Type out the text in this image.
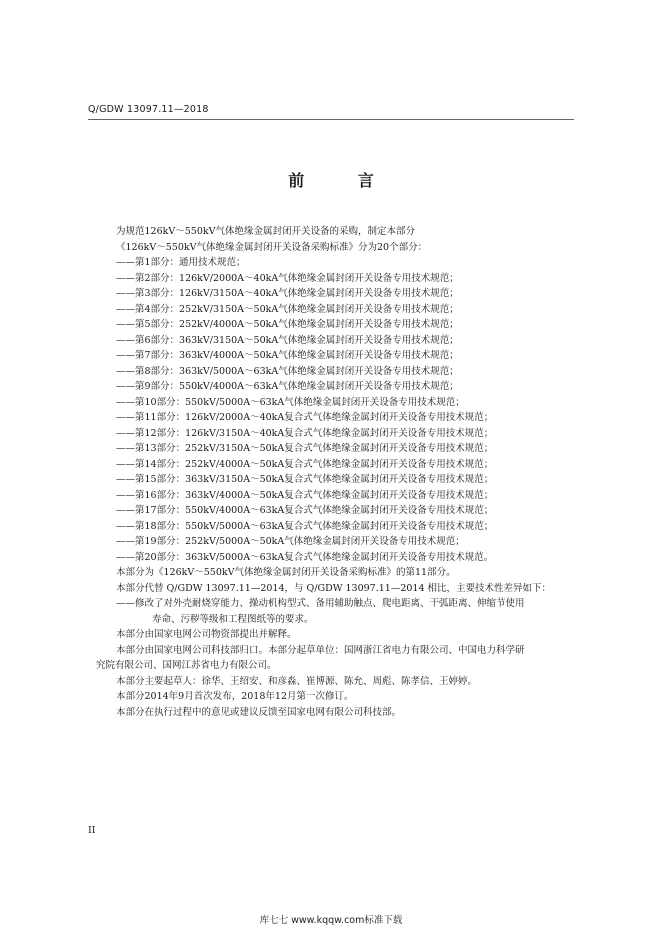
Q/GDW 13097.11—2018
前 言
为规范126kV～550kV气体绝缘金属封闭开关设备的采购，制定本部分
《126kV～550kV气体绝缘金属封闭开关设备采购标准》分为20个部分：
——第1部分：通用技术规范；
——第2部分：126kV/2000A～40kA气体绝缘金属封闭开关设备专用技术规范；
——第3部分：126kV/3150A～40kA气体绝缘金属封闭开关设备专用技术规范；
——第4部分：252kV/3150A～50kA气体绝缘金属封闭开关设备专用技术规范；
——第5部分：252kV/4000A～50kA气体绝缘金属封闭开关设备专用技术规范；
——第6部分：363kV/3150A～50kA气体绝缘金属封闭开关设备专用技术规范；
——第7部分：363kV/4000A～50kA气体绝缘金属封闭开关设备专用技术规范；
——第8部分：363kV/5000A～63kA气体绝缘金属封闭开关设备专用技术规范；
——第9部分：550kV/4000A～63kA气体绝缘金属封闭开关设备专用技术规范；
——第10部分：550kV/5000A～63kA气体绝缘金属封闭开关设备专用技术规范；
——第11部分：126kV/2000A～40kA复合式气体绝缘金属封闭开关设备专用技术规范；
——第12部分：126kV/3150A～40kA复合式气体绝缘金属封闭开关设备专用技术规范；
——第13部分：252kV/3150A～50kA复合式气体绝缘金属封闭开关设备专用技术规范；
——第14部分：252kV/4000A～50kA复合式气体绝缘金属封闭开关设备专用技术规范；
——第15部分：363kV/3150A～50kA复合式气体绝缘金属封闭开关设备专用技术规范；
——第16部分：363kV/4000A～50kA复合式气体绝缘金属封闭开关设备专用技术规范；
——第17部分：550kV/4000A～63kA复合式气体绝缘金属封闭开关设备专用技术规范；
——第18部分：550kV/5000A～63kA复合式气体绝缘金属封闭开关设备专用技术规范；
——第19部分：252kV/5000A～50kA气体绝缘金属封闭开关设备专用技术规范；
——第20部分：363kV/5000A～63kA复合式气体绝缘金属封闭开关设备专用技术规范。
本部分为《126kV～550kV气体绝缘金属封闭开关设备采购标准》的第11部分。
本部分代替 Q/GDW 13097.11—2014，与 Q/GDW 13097.11—2014 相比，主要技术性差异如下：
——修改了对外壳耐烧穿能力、操动机构型式、备用辅助触点、爬电距离、干弧距离、伸缩节使用
寿命、污秽等级和工程图纸等的要求。
本部分由国家电网公司物资部提出并解释。
本部分由国家电网公司科技部归口。本部分起草单位：国网浙江省电力有限公司、中国电力科学研
究院有限公司、国网江苏省电力有限公司。
本部分主要起草人：徐华、王绍安、和彦淼、崔博源、陈允、周彪、陈孝信、王婷婷。
本部分2014年9月首次发布，2018年12月第一次修订。
本部分在执行过程中的意见或建议反馈至国家电网有限公司科技部。
II
库七七 www.kqqw.com标准下载
